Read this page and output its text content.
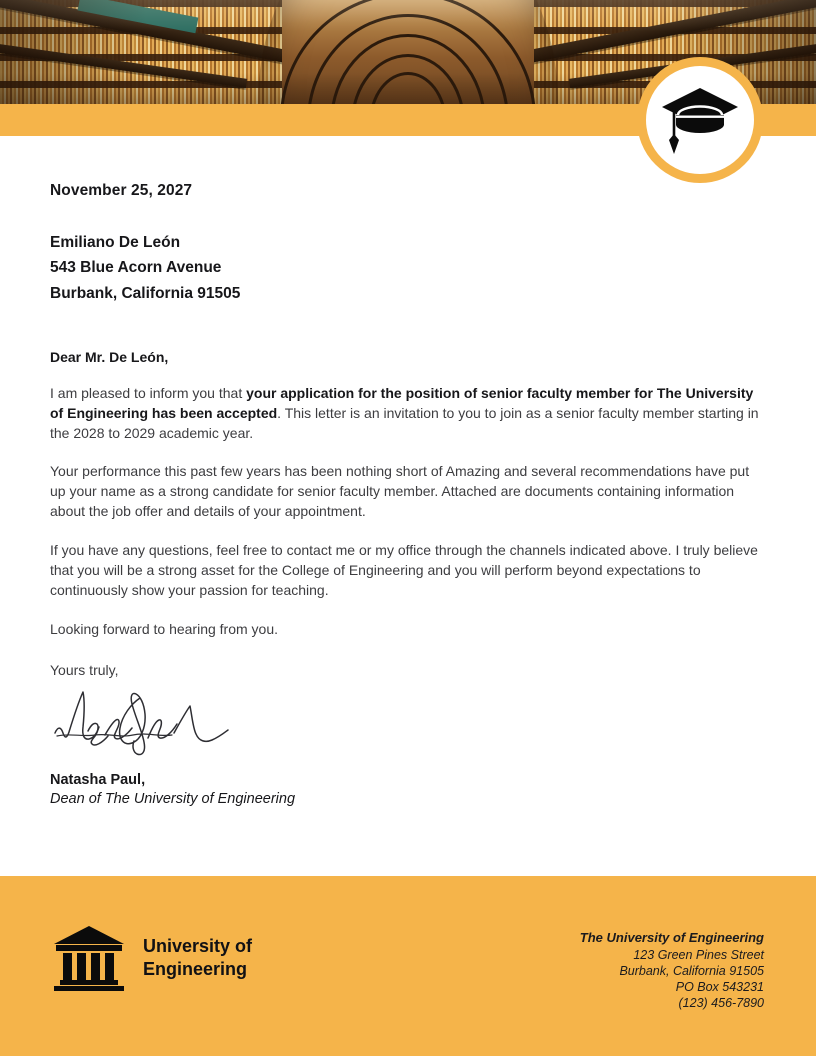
November 25, 2027
Emiliano De León
543 Blue Acorn Avenue
Burbank, California 91505
Dear Mr. De León,

I am pleased to inform you that your application for the position of senior faculty member for The University of Engineering has been accepted. This letter is an invitation to you to join as a senior faculty member starting in the 2028 to 2029 academic year.

Your performance this past few years has been nothing short of Amazing and several recommendations have put up your name as a strong candidate for senior faculty member. Attached are documents containing information about the job offer and details of your appointment.

If you have any questions, feel free to contact me or my office through the channels indicated above. I truly believe that you will be a strong asset for the College of Engineering and you will perform beyond expectations to continuously show your passion for teaching.

Looking forward to hearing from you.

Yours truly,
Natasha Paul,
Dean of The University of Engineering
University of
Engineering
The University of Engineering
123 Green Pines Street
Burbank, California 91505
PO Box 543231
(123) 456-7890
